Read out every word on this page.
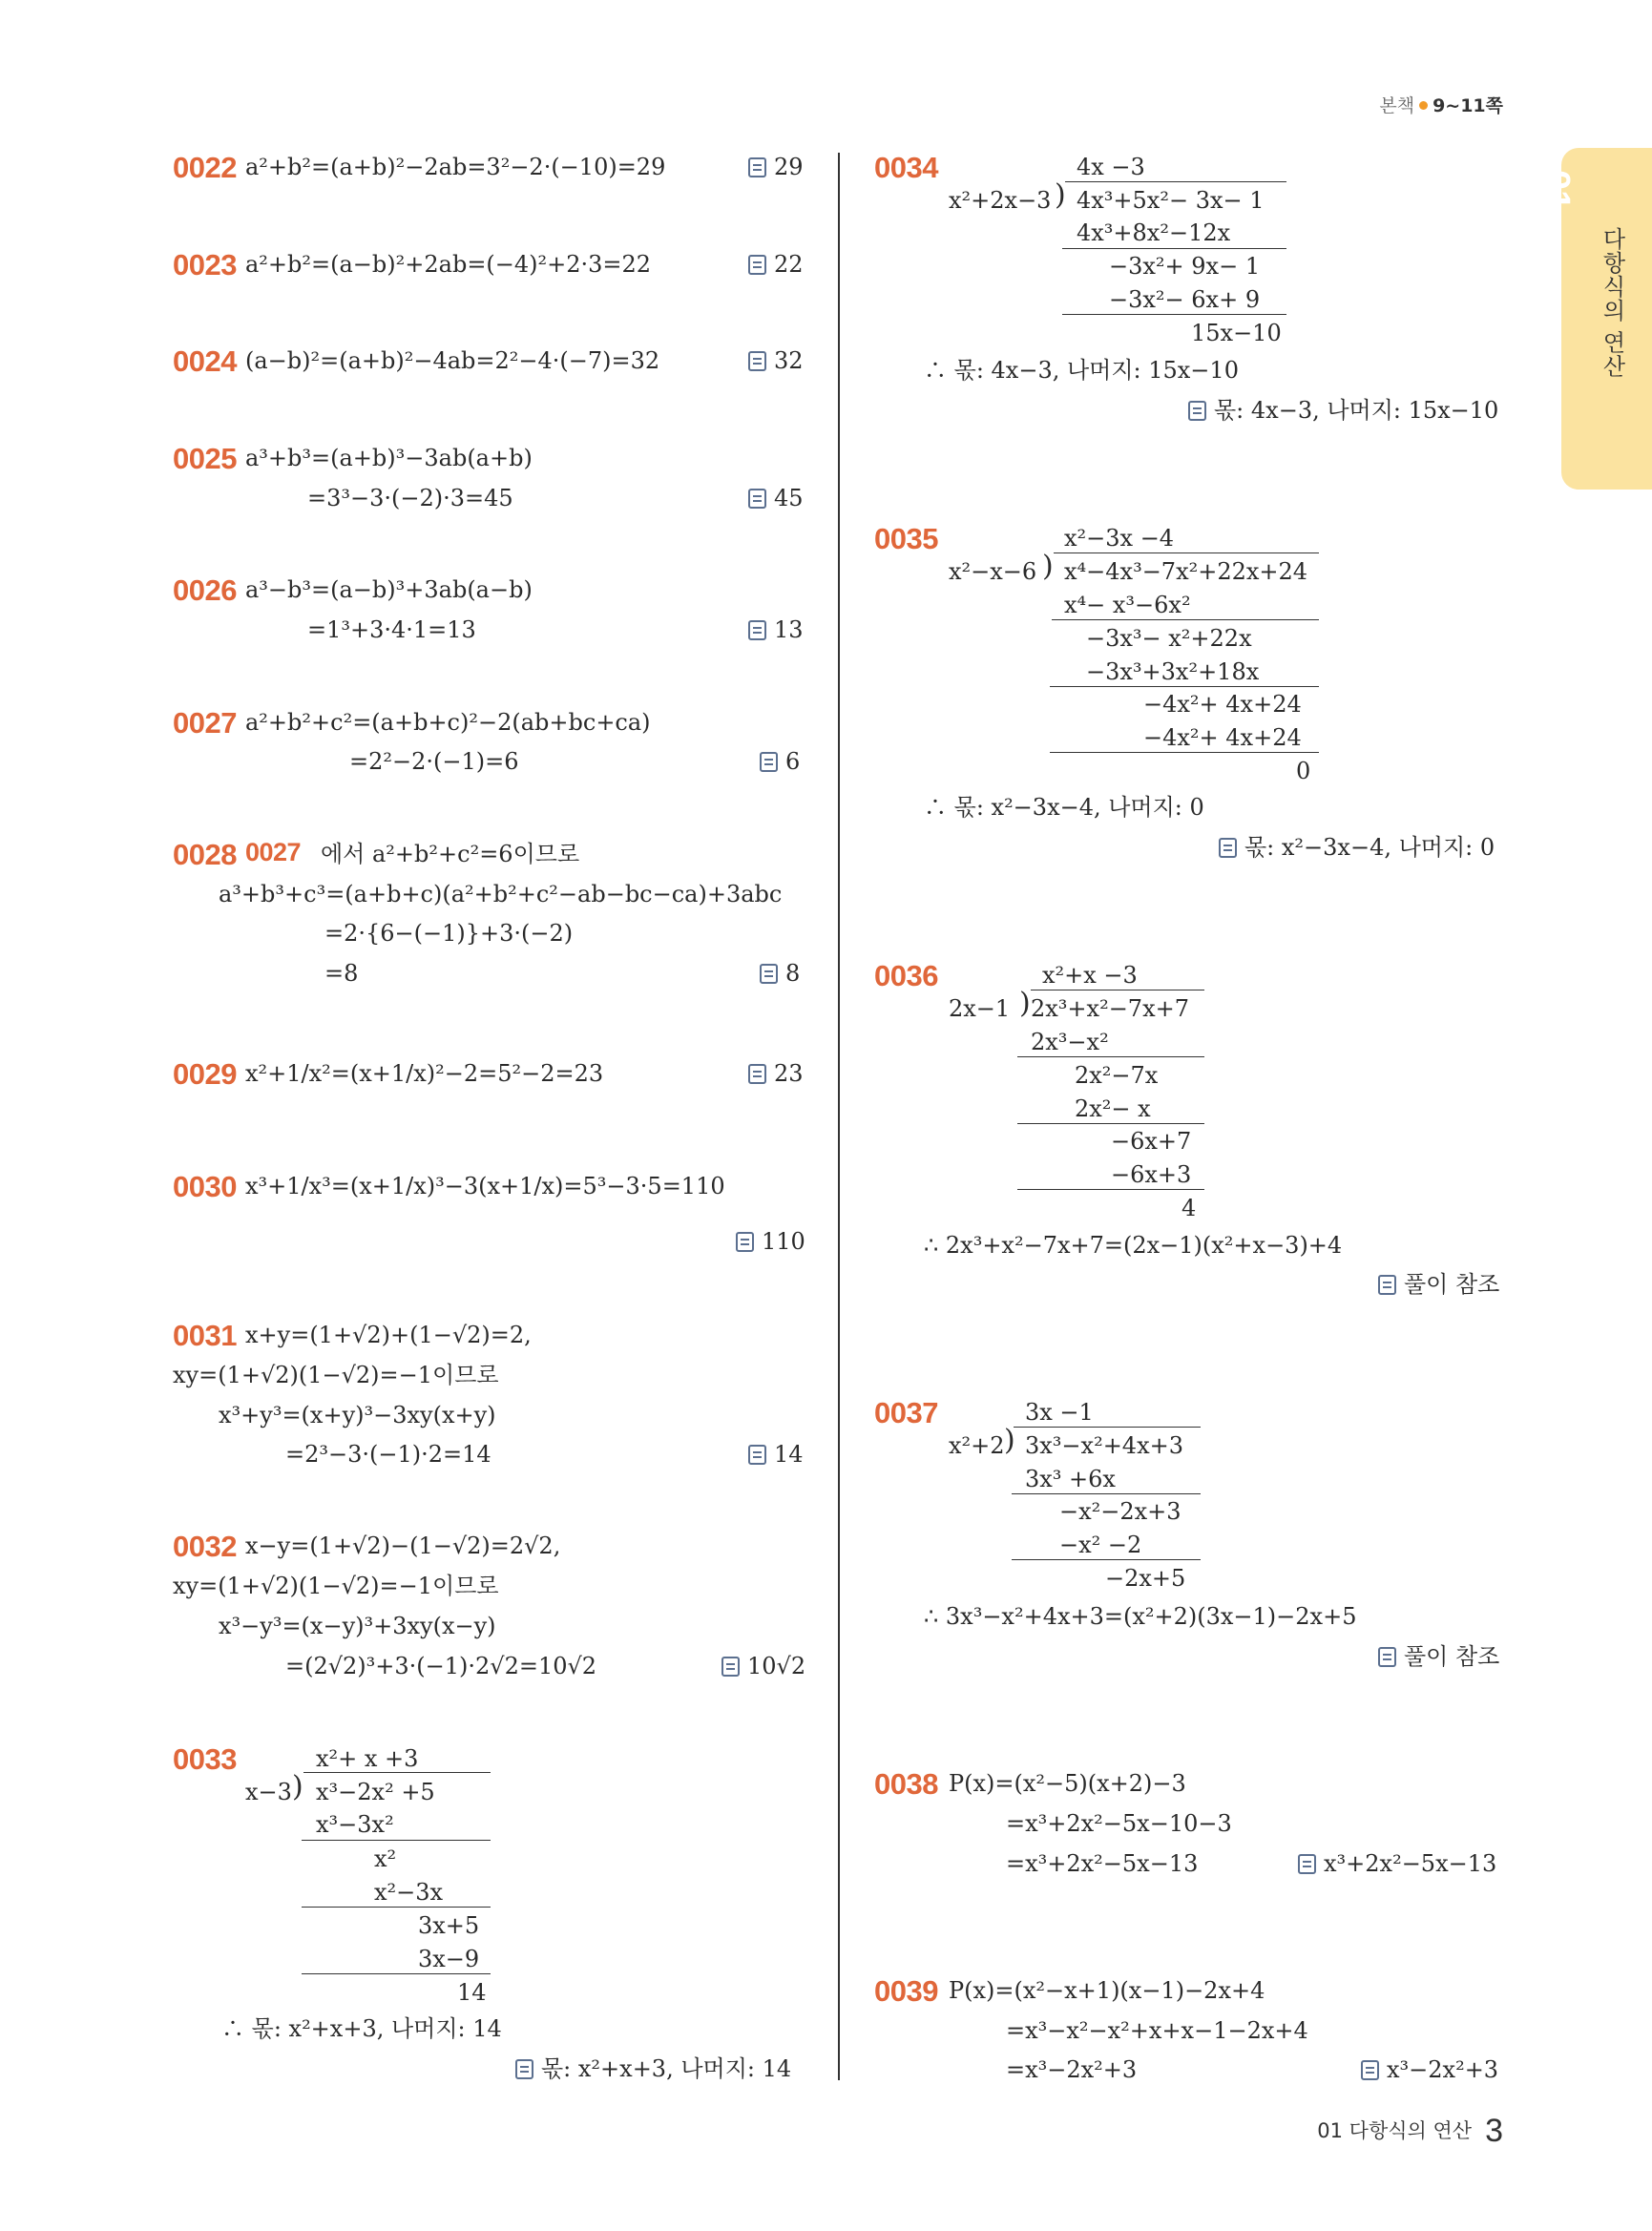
본책 9~11쪽
01
다항식의 연산
0022 a²+b²=(a+b)²−2ab=3²−2·(−10)=29	29
0023 a²+b²=(a−b)²+2ab=(−4)²+2·3=22	22
0024 (a−b)²=(a+b)²−4ab=2²−4·(−7)=32	32
0025 a³+b³=(a+b)³−3ab(a+b)
=3³−3·(−2)·3=45	45
0026 a³−b³=(a−b)³+3ab(a−b)
=1³+3·4·1=13	13
0027 a²+b²+c²=(a+b+c)²−2(ab+bc+ca)
=2²−2·(−1)=6	6
0028 0027 에서 a²+b²+c²=6이므로
a³+b³+c³=(a+b+c)(a²+b²+c²−ab−bc−ca)+3abc
=2·{6−(−1)}+3·(−2)
=8	8
0029 x²+1/x²=(x+1/x)²−2=5²−2=23	23
0030 x³+1/x³=(x+1/x)³−3(x+1/x)=5³−3·5=110
110
0031 x+y=(1+√2)+(1−√2)=2,
xy=(1+√2)(1−√2)=−1이므로
x³+y³=(x+y)³−3xy(x+y)
=2³−3·(−1)·2=14	14
0032 x−y=(1+√2)−(1−√2)=2√2,
xy=(1+√2)(1−√2)=−1이므로
x³−y³=(x−y)³+3xy(x−y)
=(2√2)³+3·(−1)·2√2=10√2	10√2
0033	x²+ x +3
x−3 ) x³−2x² +5
x³−3x²
x²
x²−3x
3x+5
3x−9
14
∴ 몫: x²+x+3, 나머지: 14
몫: x²+x+3, 나머지: 14
0034	4x −3
x²+2x−3 ) 4x³+5x²− 3x− 1
4x³+8x²−12x
−3x²+ 9x− 1
−3x²− 6x+ 9
15x−10
∴ 몫: 4x−3, 나머지: 15x−10
몫: 4x−3, 나머지: 15x−10
0035	x²−3x −4
x²−x−6 ) x⁴−4x³−7x²+22x+24
x⁴− x³−6x²
−3x³− x²+22x
−3x³+3x²+18x
−4x²+ 4x+24
−4x²+ 4x+24
0
∴ 몫: x²−3x−4, 나머지: 0
몫: x²−3x−4, 나머지: 0
0036	x²+x −3
2x−1 ) 2x³+x²−7x+7
2x³−x²
2x²−7x
2x²− x
−6x+7
−6x+3
4
∴ 2x³+x²−7x+7=(2x−1)(x²+x−3)+4
풀이 참조
0037	3x −1
x²+2 ) 3x³−x²+4x+3
3x³ +6x
−x²−2x+3
−x² −2
−2x+5
∴ 3x³−x²+4x+3=(x²+2)(3x−1)−2x+5
풀이 참조
0038 P(x)=(x²−5)(x+2)−3
=x³+2x²−5x−10−3
=x³+2x²−5x−13	x³+2x²−5x−13
0039 P(x)=(x²−x+1)(x−1)−2x+4
=x³−x²−x²+x+x−1−2x+4
=x³−2x²+3	x³−2x²+3
01 다항식의 연산 3
